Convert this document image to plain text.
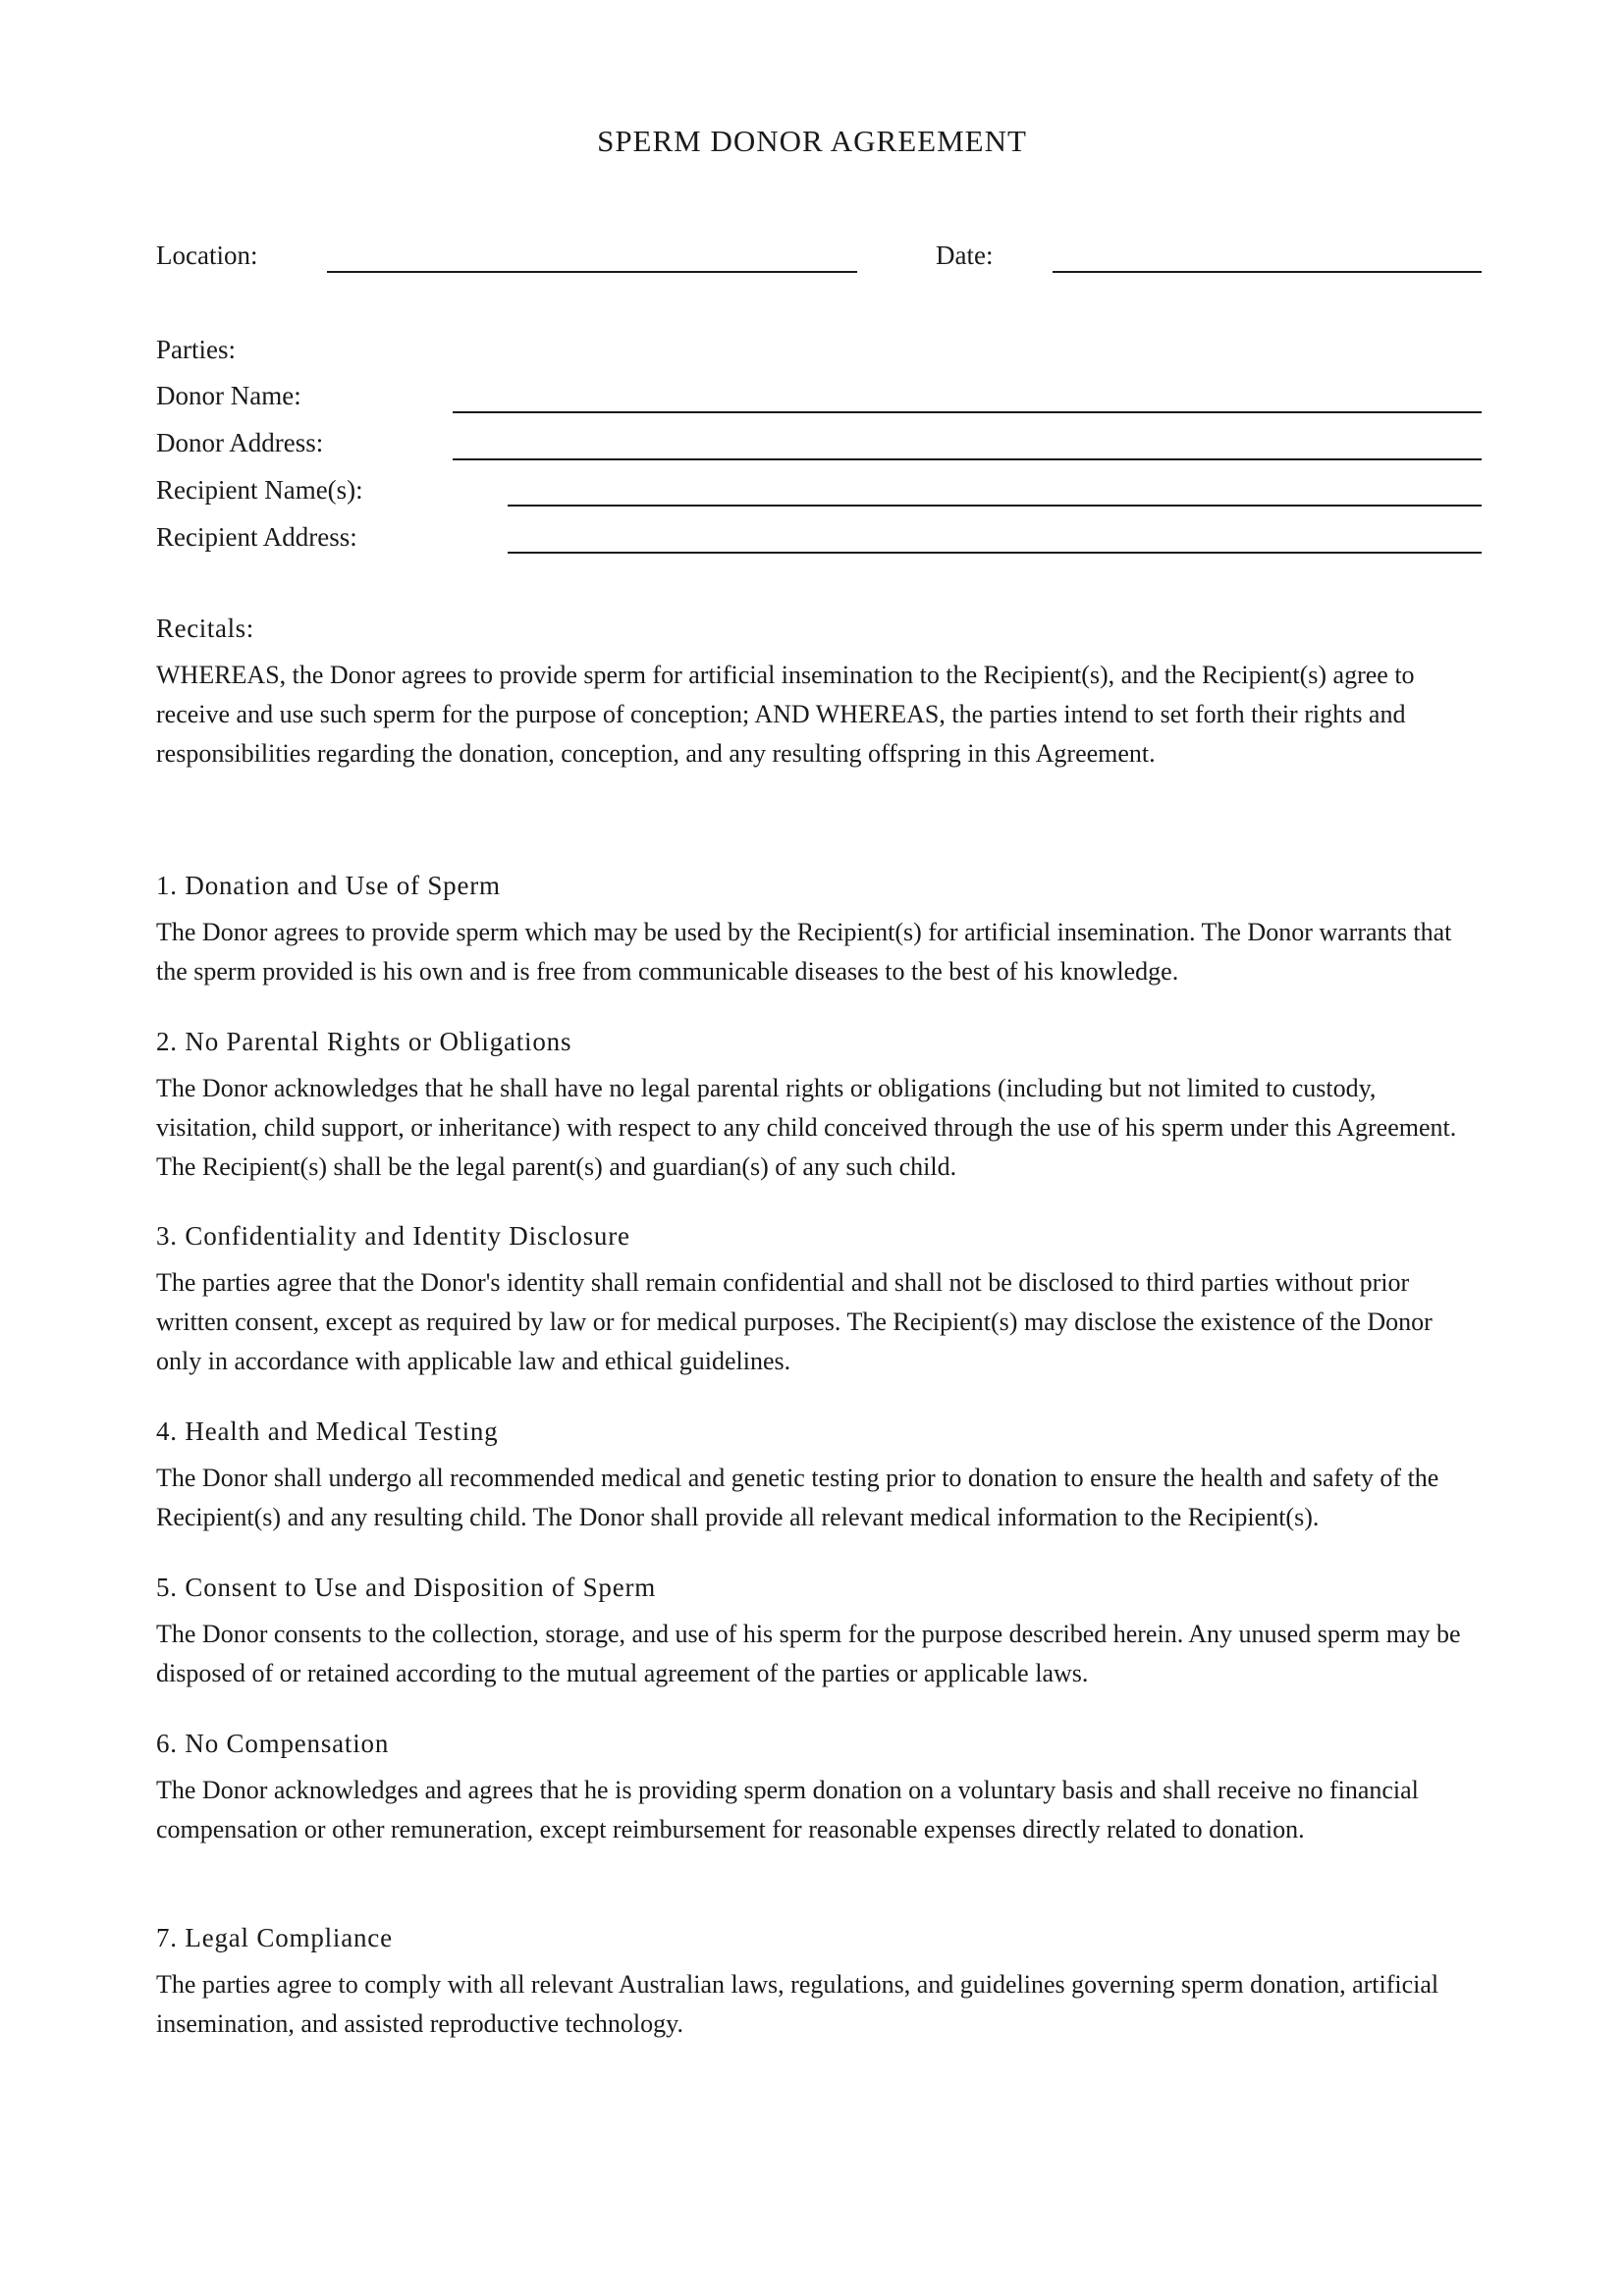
SPERM DONOR AGREEMENT
Location:	Date:
Parties:
Donor Name:
Donor Address:
Recipient Name(s):
Recipient Address:
Recitals:

WHEREAS, the Donor agrees to provide sperm for artificial insemination to the Recipient(s), and the Recipient(s) agree to receive and use such sperm for the purpose of conception; AND WHEREAS, the parties intend to set forth their rights and responsibilities regarding the donation, conception, and any resulting offspring in this Agreement.

1. Donation and Use of Sperm

The Donor agrees to provide sperm which may be used by the Recipient(s) for artificial insemination. The Donor warrants that the sperm provided is his own and is free from communicable diseases to the best of his knowledge.

2. No Parental Rights or Obligations

The Donor acknowledges that he shall have no legal parental rights or obligations (including but not limited to custody, visitation, child support, or inheritance) with respect to any child conceived through the use of his sperm under this Agreement. The Recipient(s) shall be the legal parent(s) and guardian(s) of any such child.

3. Confidentiality and Identity Disclosure

The parties agree that the Donor's identity shall remain confidential and shall not be disclosed to third parties without prior written consent, except as required by law or for medical purposes. The Recipient(s) may disclose the existence of the Donor only in accordance with applicable law and ethical guidelines.

4. Health and Medical Testing

The Donor shall undergo all recommended medical and genetic testing prior to donation to ensure the health and safety of the Recipient(s) and any resulting child. The Donor shall provide all relevant medical information to the Recipient(s).

5. Consent to Use and Disposition of Sperm

The Donor consents to the collection, storage, and use of his sperm for the purpose described herein. Any unused sperm may be disposed of or retained according to the mutual agreement of the parties or applicable laws.

6. No Compensation

The Donor acknowledges and agrees that he is providing sperm donation on a voluntary basis and shall receive no financial compensation or other remuneration, except reimbursement for reasonable expenses directly related to donation.

7. Legal Compliance

The parties agree to comply with all relevant Australian laws, regulations, and guidelines governing sperm donation, artificial insemination, and assisted reproductive technology.
